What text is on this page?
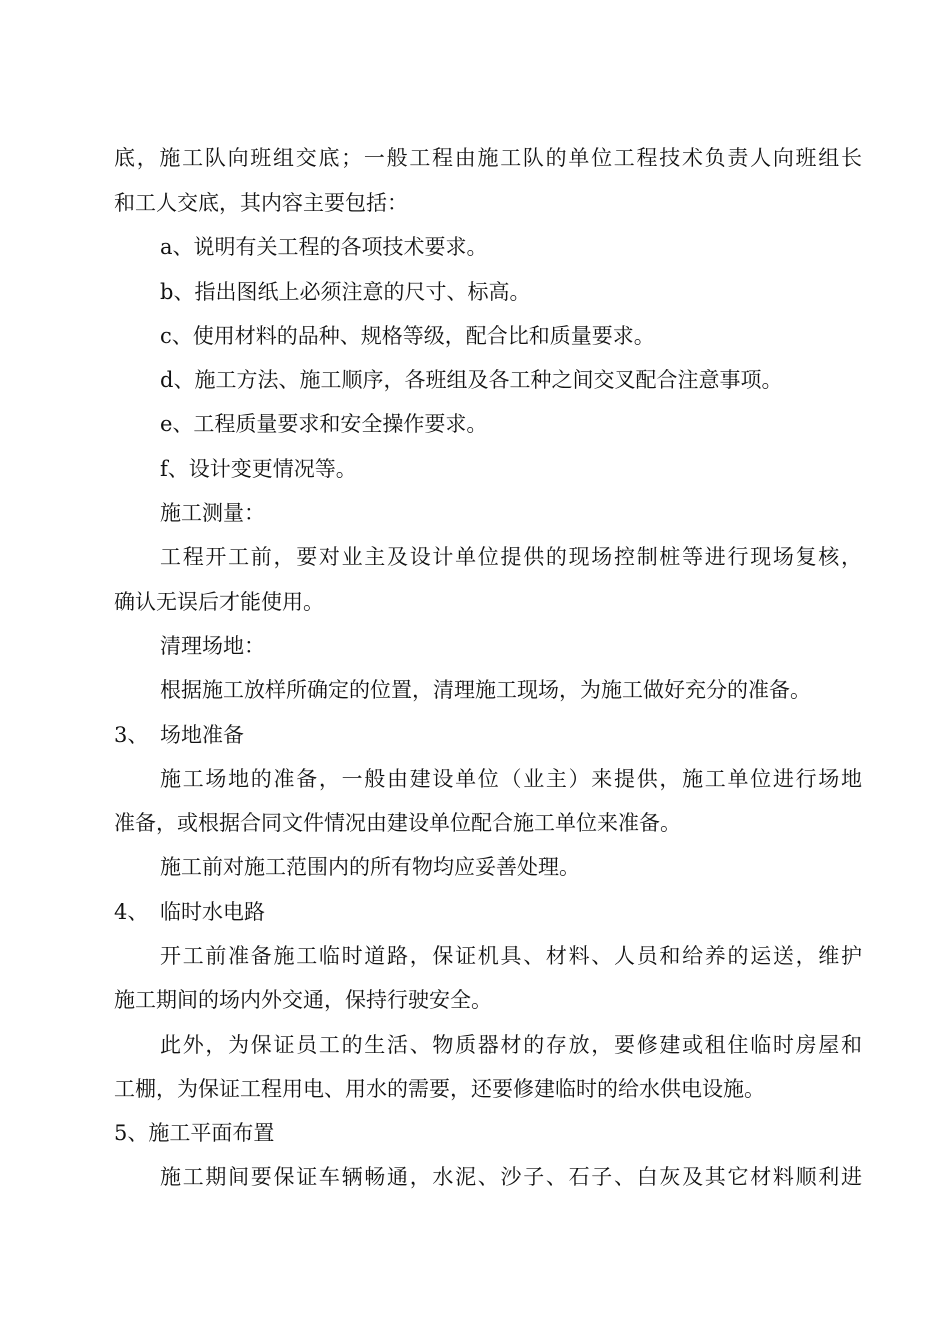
底，施工队向班组交底；一般工程由施工队的单位工程技术负责人向班组长
和工人交底，其内容主要包括：
a、说明有关工程的各项技术要求。
b、指出图纸上必须注意的尺寸、标高。
c、使用材料的品种、规格等级，配合比和质量要求。
d、施工方法、施工顺序，各班组及各工种之间交叉配合注意事项。
e、工程质量要求和安全操作要求。
f、设计变更情况等。
施工测量：
工程开工前，要对业主及设计单位提供的现场控制桩等进行现场复核，
确认无误后才能使用。
清理场地：
根据施工放样所确定的位置，清理施工现场，为施工做好充分的准备。
3、 场地准备
施工场地的准备，一般由建设单位（业主）来提供，施工单位进行场地
准备，或根据合同文件情况由建设单位配合施工单位来准备。
施工前对施工范围内的所有物均应妥善处理。
4、 临时水电路
开工前准备施工临时道路，保证机具、材料、人员和给养的运送，维护
施工期间的场内外交通，保持行驶安全。
此外，为保证员工的生活、物质器材的存放，要修建或租住临时房屋和
工棚，为保证工程用电、用水的需要，还要修建临时的给水供电设施。
5、施工平面布置
施工期间要保证车辆畅通，水泥、沙子、石子、白灰及其它材料顺利进
